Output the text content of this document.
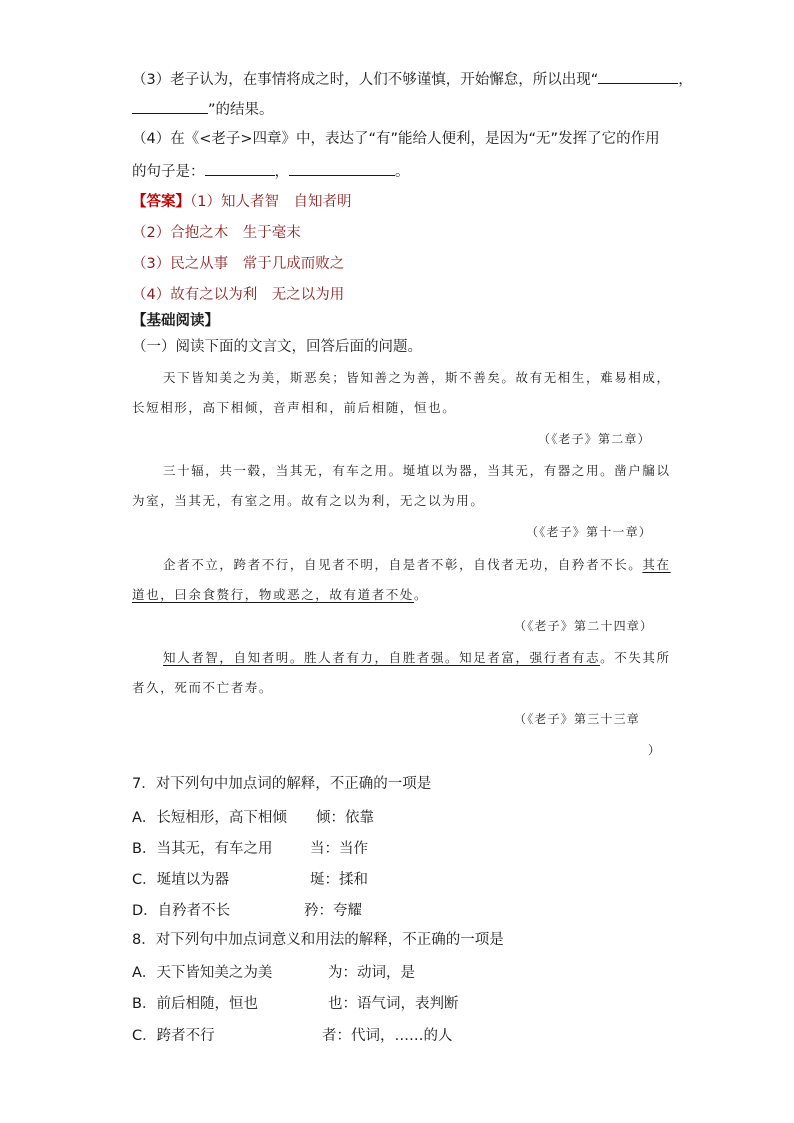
（3）老子认为，在事情将成之时，人们不够谨慎，开始懈怠，所以出现“	，
”的结果。
（4）在《<老子>四章》中，表达了“有”能给人便利，是因为“无”发挥了它的作用
的句子是：	，	。
【答案】（1）知人者智　自知者明
（2）合抱之木　生于毫末
（3）民之从事　常于几成而败之
（4）故有之以为利　无之以为用
【基础阅读】
（一）阅读下面的文言文，回答后面的问题。
天下皆知美之为美，斯恶矣；皆知善之为善，斯不善矣。故有无相生，难易相成，
长短相形，高下相倾，音声相和，前后相随，恒也。
（《老子》第二章）
三十辐，共一毂，当其无，有车之用。埏埴以为器，当其无，有器之用。凿户牖以
为室，当其无，有室之用。故有之以为利，无之以为用。
（《老子》第十一章）
企者不立，跨者不行，自见者不明，自是者不彰，自伐者无功，自矜者不长。其在
道也，曰余食赘行，物或恶之，故有道者不处。
（《老子》第二十四章）
知人者智，自知者明。胜人者有力，自胜者强。知足者富，强行者有志。不失其所
者久，死而不亡者寿。
（《老子》第三十三章
）
7．对下列句中加点词的解释，不正确的一项是
A．长短相形，高下相倾 倾：依靠
B．当其无，有车之用	当：当作
C．埏埴以为器	埏：揉和
D．自矜者不长	矜：夸耀
8．对下列句中加点词意义和用法的解释，不正确的一项是
A．天下皆知美之为美	为：动词，是
B．前后相随，恒也	也：语气词，表判断
C．跨者不行	者：代词，……的人
